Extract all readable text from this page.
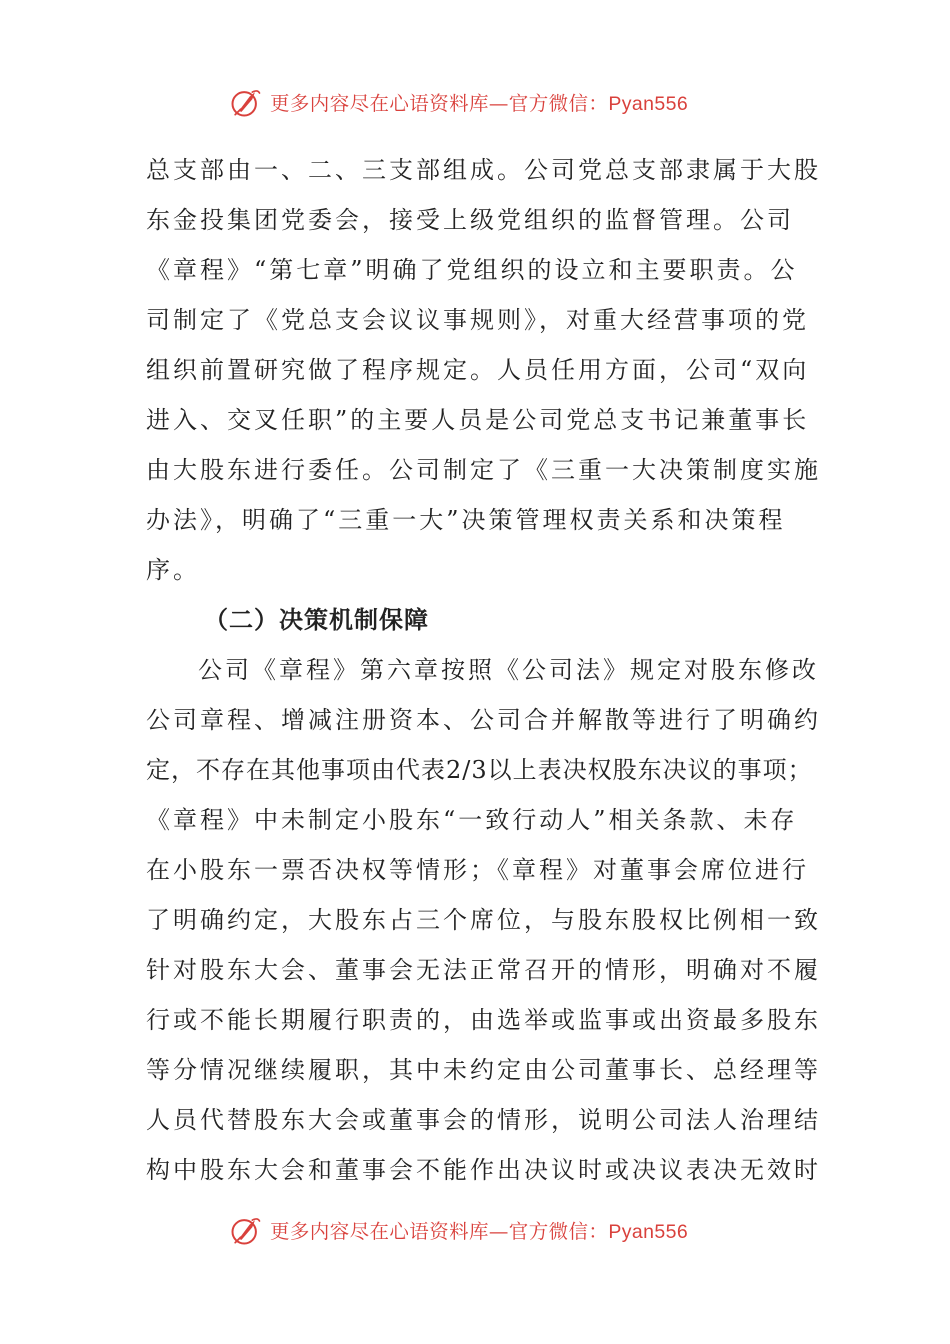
更多内容尽在心语资料库—官方微信：Pyan556
总支部由一、二、三支部组成。公司党总支部隶属于大股
东金投集团党委会，接受上级党组织的监督管理。公司
《章程》“第七章”明确了党组织的设立和主要职责。公
司制定了《党总支会议议事规则》，对重大经营事项的党
组织前置研究做了程序规定。人员任用方面，公司“双向
进入、交叉任职”的主要人员是公司党总支书记兼董事长
由大股东进行委任。公司制定了《三重一大决策制度实施
办法》，明确了“三重一大”决策管理权责关系和决策程
序。
（二）决策机制保障
公司《章程》第六章按照《公司法》规定对股东修改
公司章程、增减注册资本、公司合并解散等进行了明确约
定，不存在其他事项由代表2/3以上表决权股东决议的事项；
《章程》中未制定小股东“一致行动人”相关条款、未存
在小股东一票否决权等情形；《章程》对董事会席位进行
了明确约定，大股东占三个席位，与股东股权比例相一致
针对股东大会、董事会无法正常召开的情形，明确对不履
行或不能长期履行职责的，由选举或监事或出资最多股东
等分情况继续履职，其中未约定由公司董事长、总经理等
人员代替股东大会或董事会的情形，说明公司法人治理结
构中股东大会和董事会不能作出决议时或决议表决无效时
更多内容尽在心语资料库—官方微信：Pyan556
